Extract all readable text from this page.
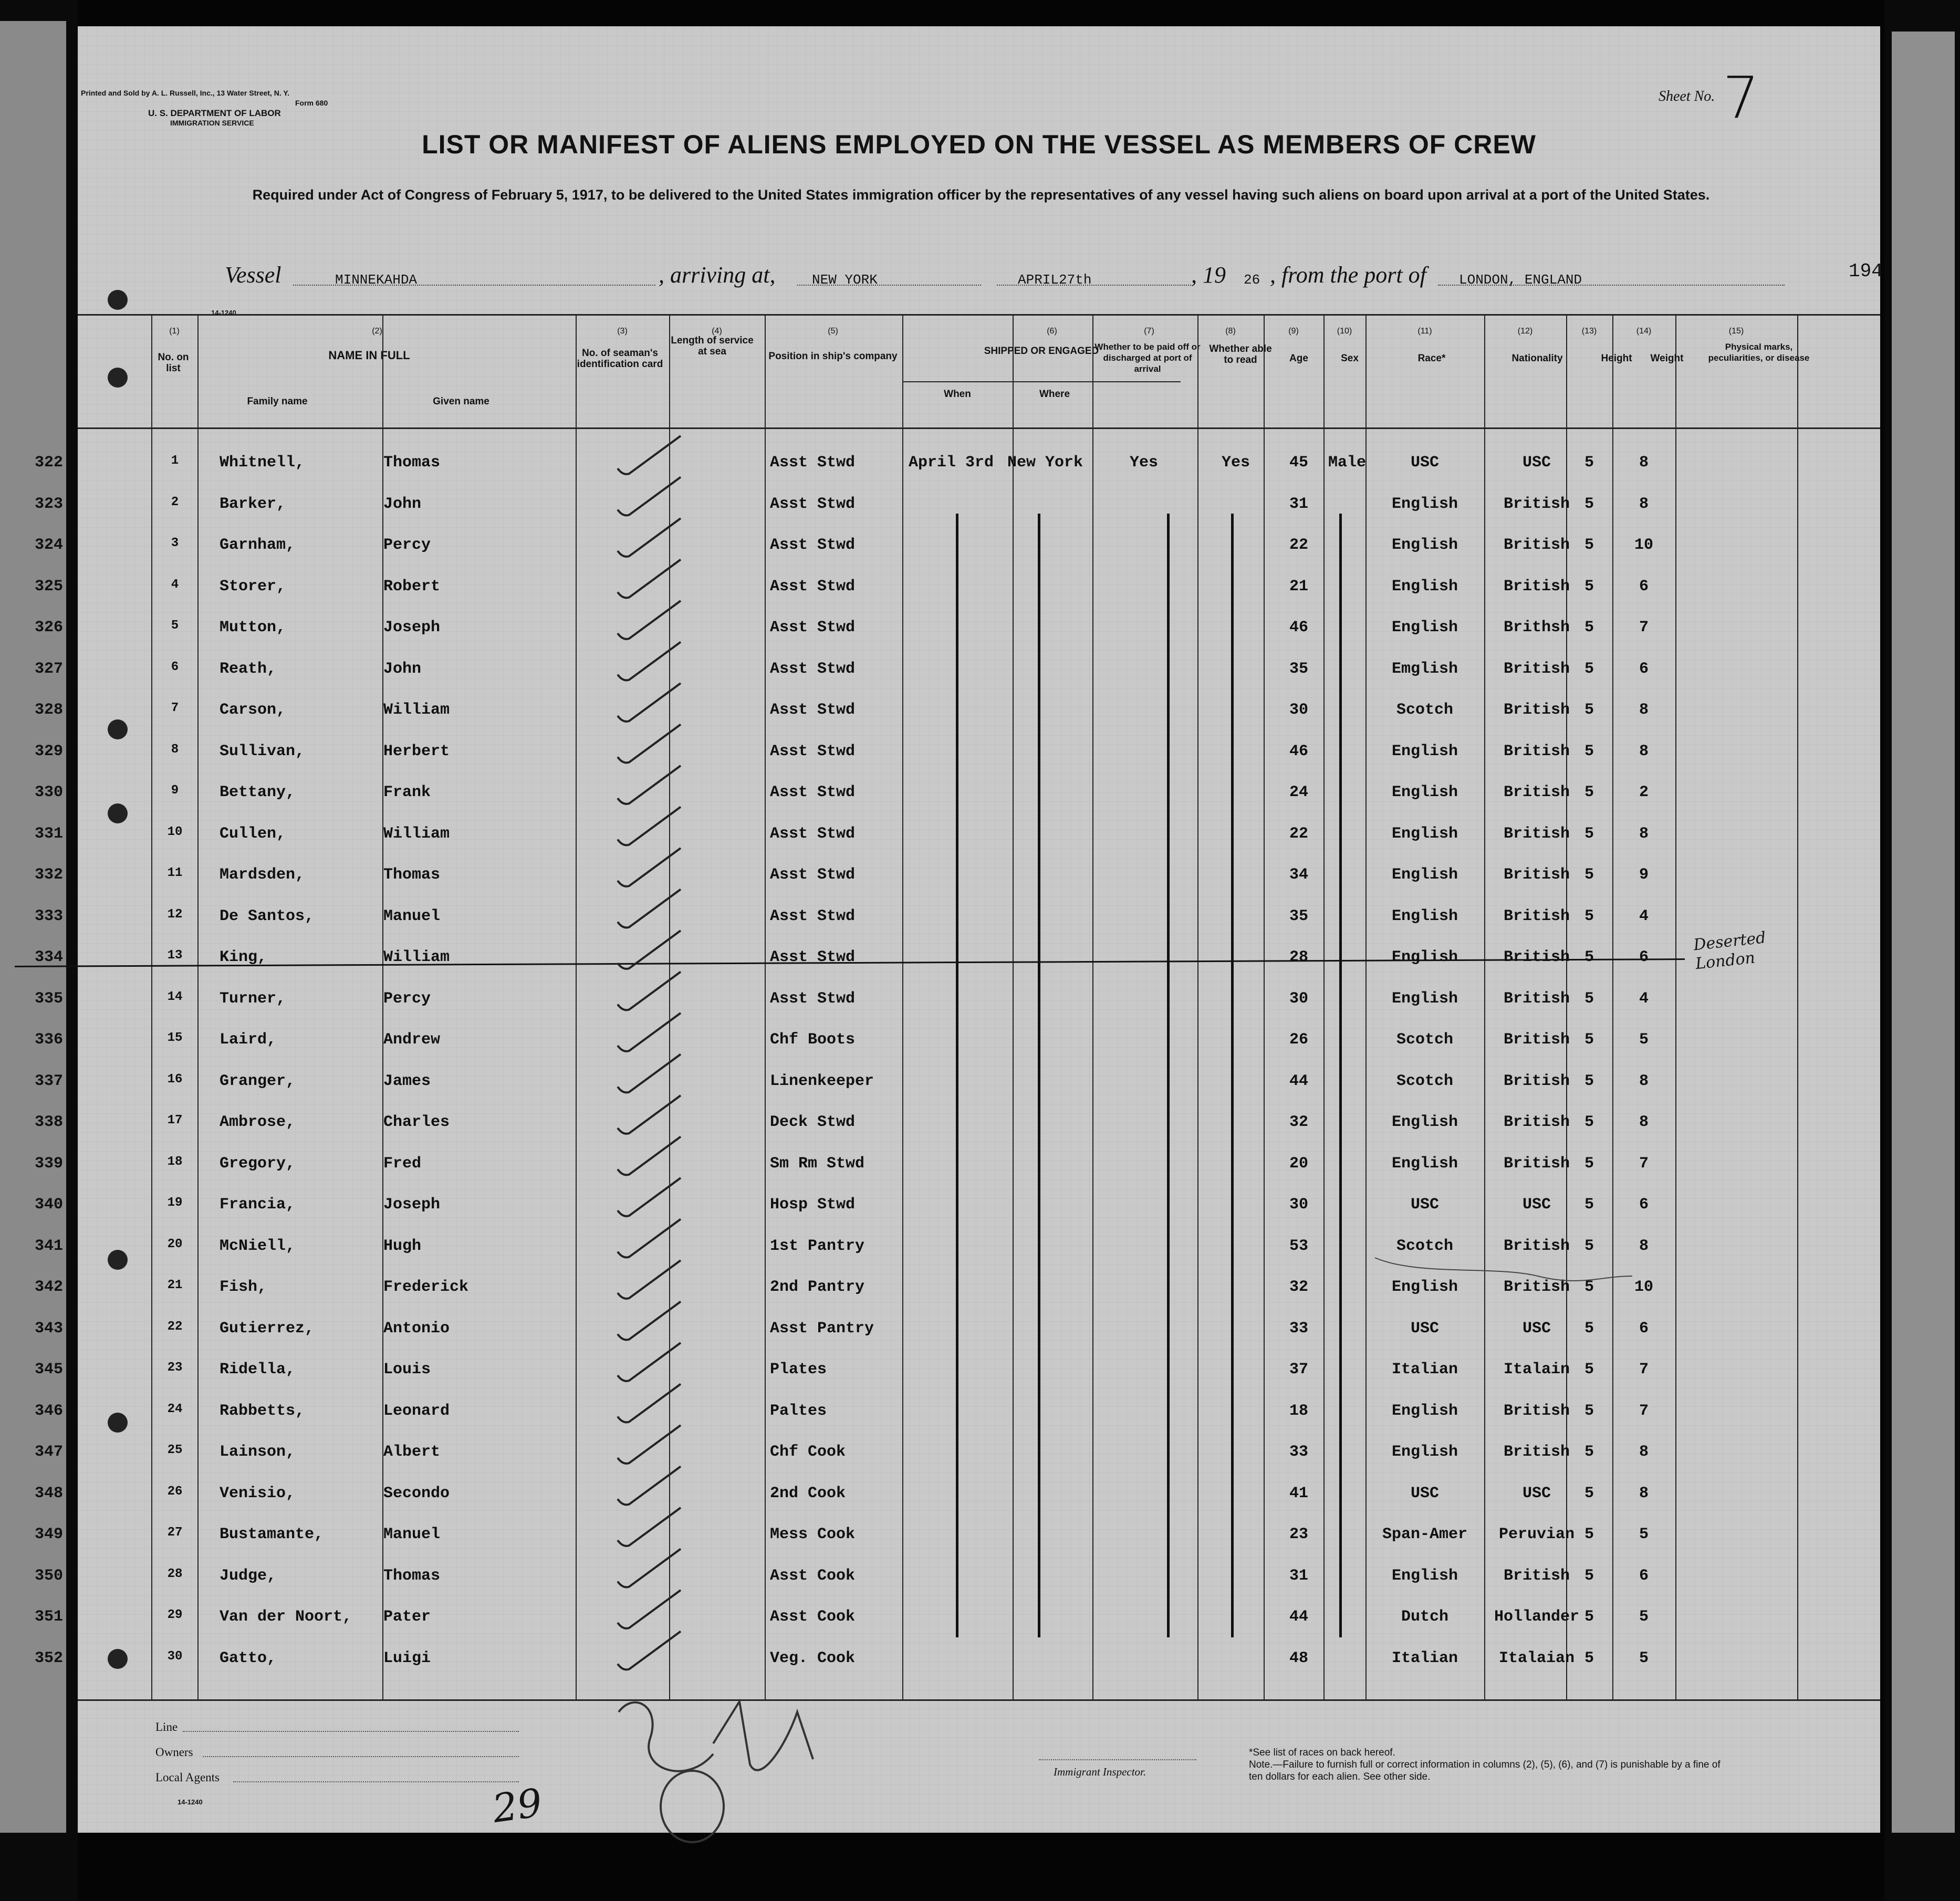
Printed and Sold by A. L. Russell, Inc., 13 Water Street, N. Y.
Form 680
U. S. DEPARTMENT OF LABOR
IMMIGRATION SERVICE
Sheet No. 7
LIST OR MANIFEST OF ALIENS EMPLOYED ON THE VESSEL AS MEMBERS OF CREW
Required under Act of Congress of February 5, 1917, to be delivered to the United States immigration officer by the representatives of any vessel having such aliens on board upon arrival at a port of the United States.
Vessel	MINNEKAHDA	, arriving at,	NEW YORK	APRIL27th	, 19 26 , from the port of LONDON, ENGLAND	194
14-1240
No. on list
NAME IN FULL
Family name	Given name
No. of seaman's identification card
Length of service at sea	Position in ship's company	SHIPPED OR ENGAGED
When	Where
Whether to be paid off or discharged at port of arrival
Whether able to read	Age	Sex	Race*	Nationality	Height	Weight
Physical marks, peculiarities, or disease
(1)	(2)	(3)	(4)	(5)	(6)	(7)	(8)	(9)	(10)	(11)	(12)	(13)	(14)	(15)
322	1	Whitnell,	Thomas	Asst Stwd	April 3rd New York	Yes	Yes	45	Male	USC	USC	5	8
323	2	Barker,	John	Asst Stwd	31	English	British 5	8
324	3	Garnham,	Percy	Asst Stwd	22	English	British 5	10
325	4	Storer,	Robert	Asst Stwd	21	English	British 5	6
326	5	Mutton,	Joseph	Asst Stwd	46	English	Brithsh 5	7
327	6	Reath,	John	Asst Stwd	35	Emglish	British 5	6
328	7	Carson,	William	Asst Stwd	30	Scotch	British 5	8
329	8	Sullivan,	Herbert	Asst Stwd	46	English	British 5	8
330	9	Bettany,	Frank	Asst Stwd	24	English	British 5	2
331	10	Cullen,	William	Asst Stwd	22	English	British 5	8
332	11	Mardsden,	Thomas	Asst Stwd	34	English	British 5	9
333	12	De Santos,	Manuel	Asst Stwd	35	English	British 5	4
334	13	King,	William	Asst Stwd	28	English	British 5	6
Deserted London
335	14	Turner,	Percy	Asst Stwd	30	English	British 5	4
336	15	Laird,	Andrew	Chf Boots	26	Scotch	British 5	5
337	16	Granger,	James	Linenkeeper	44	Scotch	British 5	8
338	17	Ambrose,	Charles	Deck Stwd	32	English	British 5	8
339	18	Gregory,	Fred	Sm Rm Stwd	20	English	British 5	7
340	19	Francia,	Joseph	Hosp Stwd	30	USC	USC	5	6
341	20	McNiell,	Hugh	1st Pantry	53	Scotch	British 5	8
342	21	Fish,	Frederick	2nd Pantry	32	English	British 5	10
343	22	Gutierrez,	Antonio	Asst Pantry	33	USC	USC	5	6
345	23	Ridella,	Louis	Plates	37	Italian	Italain 5	7
346	24	Rabbetts,	Leonard	Paltes	18	English	British 5	7
347	25	Lainson,	Albert	Chf Cook	33	English	British 5	8
348	26	Venisio,	Secondo	2nd Cook	41	USC	USC	5	8
349	27	Bustamante,	Manuel	Mess Cook	23	Span-Amer	Peruvian 5	5
350	28	Judge,	Thomas	Asst Cook	31	English	British 5	6
351	29	Van der Noort, Pater	Asst Cook	44	Dutch	Hollander 5	5
352	30	Gatto,	Luigi	Veg. Cook	48	Italian	Italaian 5	5
Line
Owners
Local Agents	Immigrant Inspector.
14-1240
*See list of races on back hereof.
Note.—Failure to furnish full or correct information in columns (2), (5), (6), and (7) is punishable by a fine of ten dollars for each alien. See other side.
29
